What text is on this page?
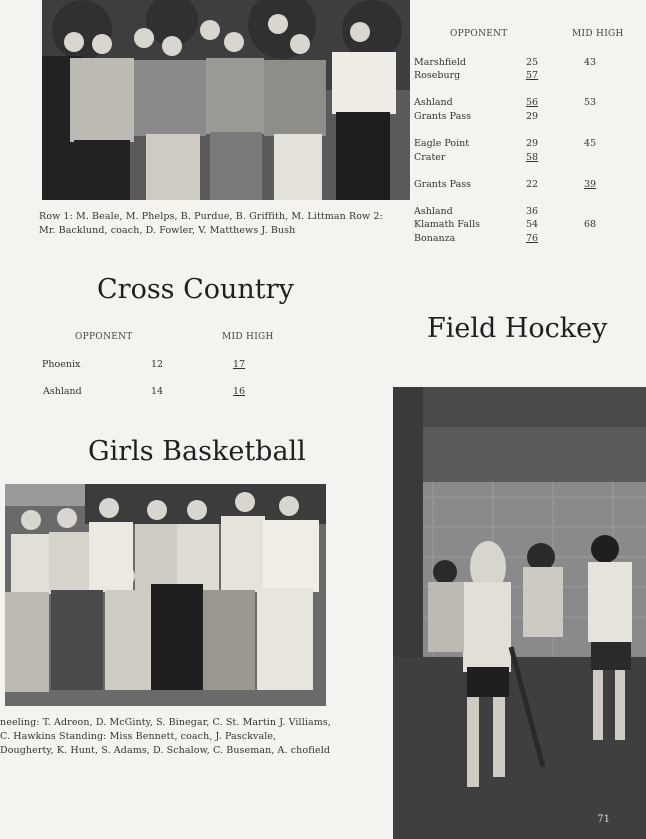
Row 1: M. Beale, M. Phelps, B. Purdue, B. Griffith, M. Littman Row 2: Mr. Backlund, coach, D. Fowler, V. Matthews J. Bush
OPPONENT	MID HIGH
Marshfield	25	43
Roseburg	57
Ashland	56	53
Grants Pass	29
Eagle Point	29	45
Crater	58
Grants Pass	22	39
Ashland	36
Klamath Falls	54	68
Bonanza	76
Cross Country
OPPONENT	MID HIGH
Phoenix	12	17
Ashland	14	16
Field Hockey
71
Girls Basketball
neeling: T. Adreon, D. McGinty, S. Binegar, C. St. Martin J. Villiams, C. Hawkins Standing: Miss Bennett, coach, J. Pasckvale, Dougherty, K. Hunt, S. Adams, D. Schalow, C. Buseman, A. chofield
